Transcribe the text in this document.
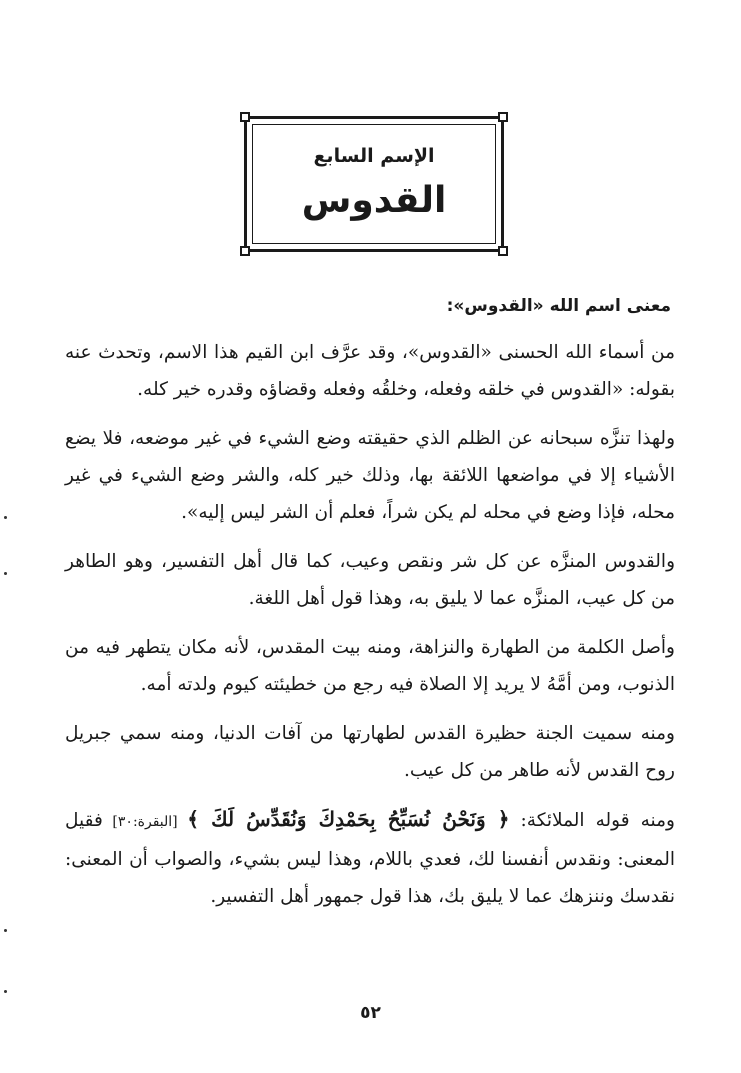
الإسم السابع
القدوس
معنى اسم الله «القدوس»:

من أسماء الله الحسنى «القدوس»، وقد عرَّف ابن القيم هذا الاسم، وتحدث عنه بقوله: «القدوس في خلقه وفعله، وخلقُه وفعله وقضاؤه وقدره خير كله.

ولهذا تنزَّه سبحانه عن الظلم الذي حقيقته وضع الشيء في غير موضعه، فلا يضع الأشياء إلا في مواضعها اللائقة بها، وذلك خير كله، والشر وضع الشيء في غير محله، فإذا وضع في محله لم يكن شراً، فعلم أن الشر ليس إليه».

والقدوس المنزَّه عن كل شر ونقص وعيب، كما قال أهل التفسير، وهو الطاهر من كل عيب، المنزَّه عما لا يليق به، وهذا قول أهل اللغة.

وأصل الكلمة من الطهارة والنزاهة، ومنه بيت المقدس، لأنه مكان يتطهر فيه من الذنوب، ومن أمَّهُ لا يريد إلا الصلاة فيه رجع من خطيئته كيوم ولدته أمه.

ومنه سميت الجنة حظيرة القدس لطهارتها من آفات الدنيا، ومنه سمي جبريل روح القدس لأنه طاهر من كل عيب.

ومنه قوله الملائكة: ﴿ وَنَحْنُ نُسَبِّحُ بِحَمْدِكَ وَنُقَدِّسُ لَكَ ﴾ [البقرة:٣٠] فقيل المعنى: ونقدس أنفسنا لك، فعدي باللام، وهذا ليس بشيء، والصواب أن المعنى: نقدسك وننزهك عما لا يليق بك، هذا قول جمهور أهل التفسير.

٥٢
